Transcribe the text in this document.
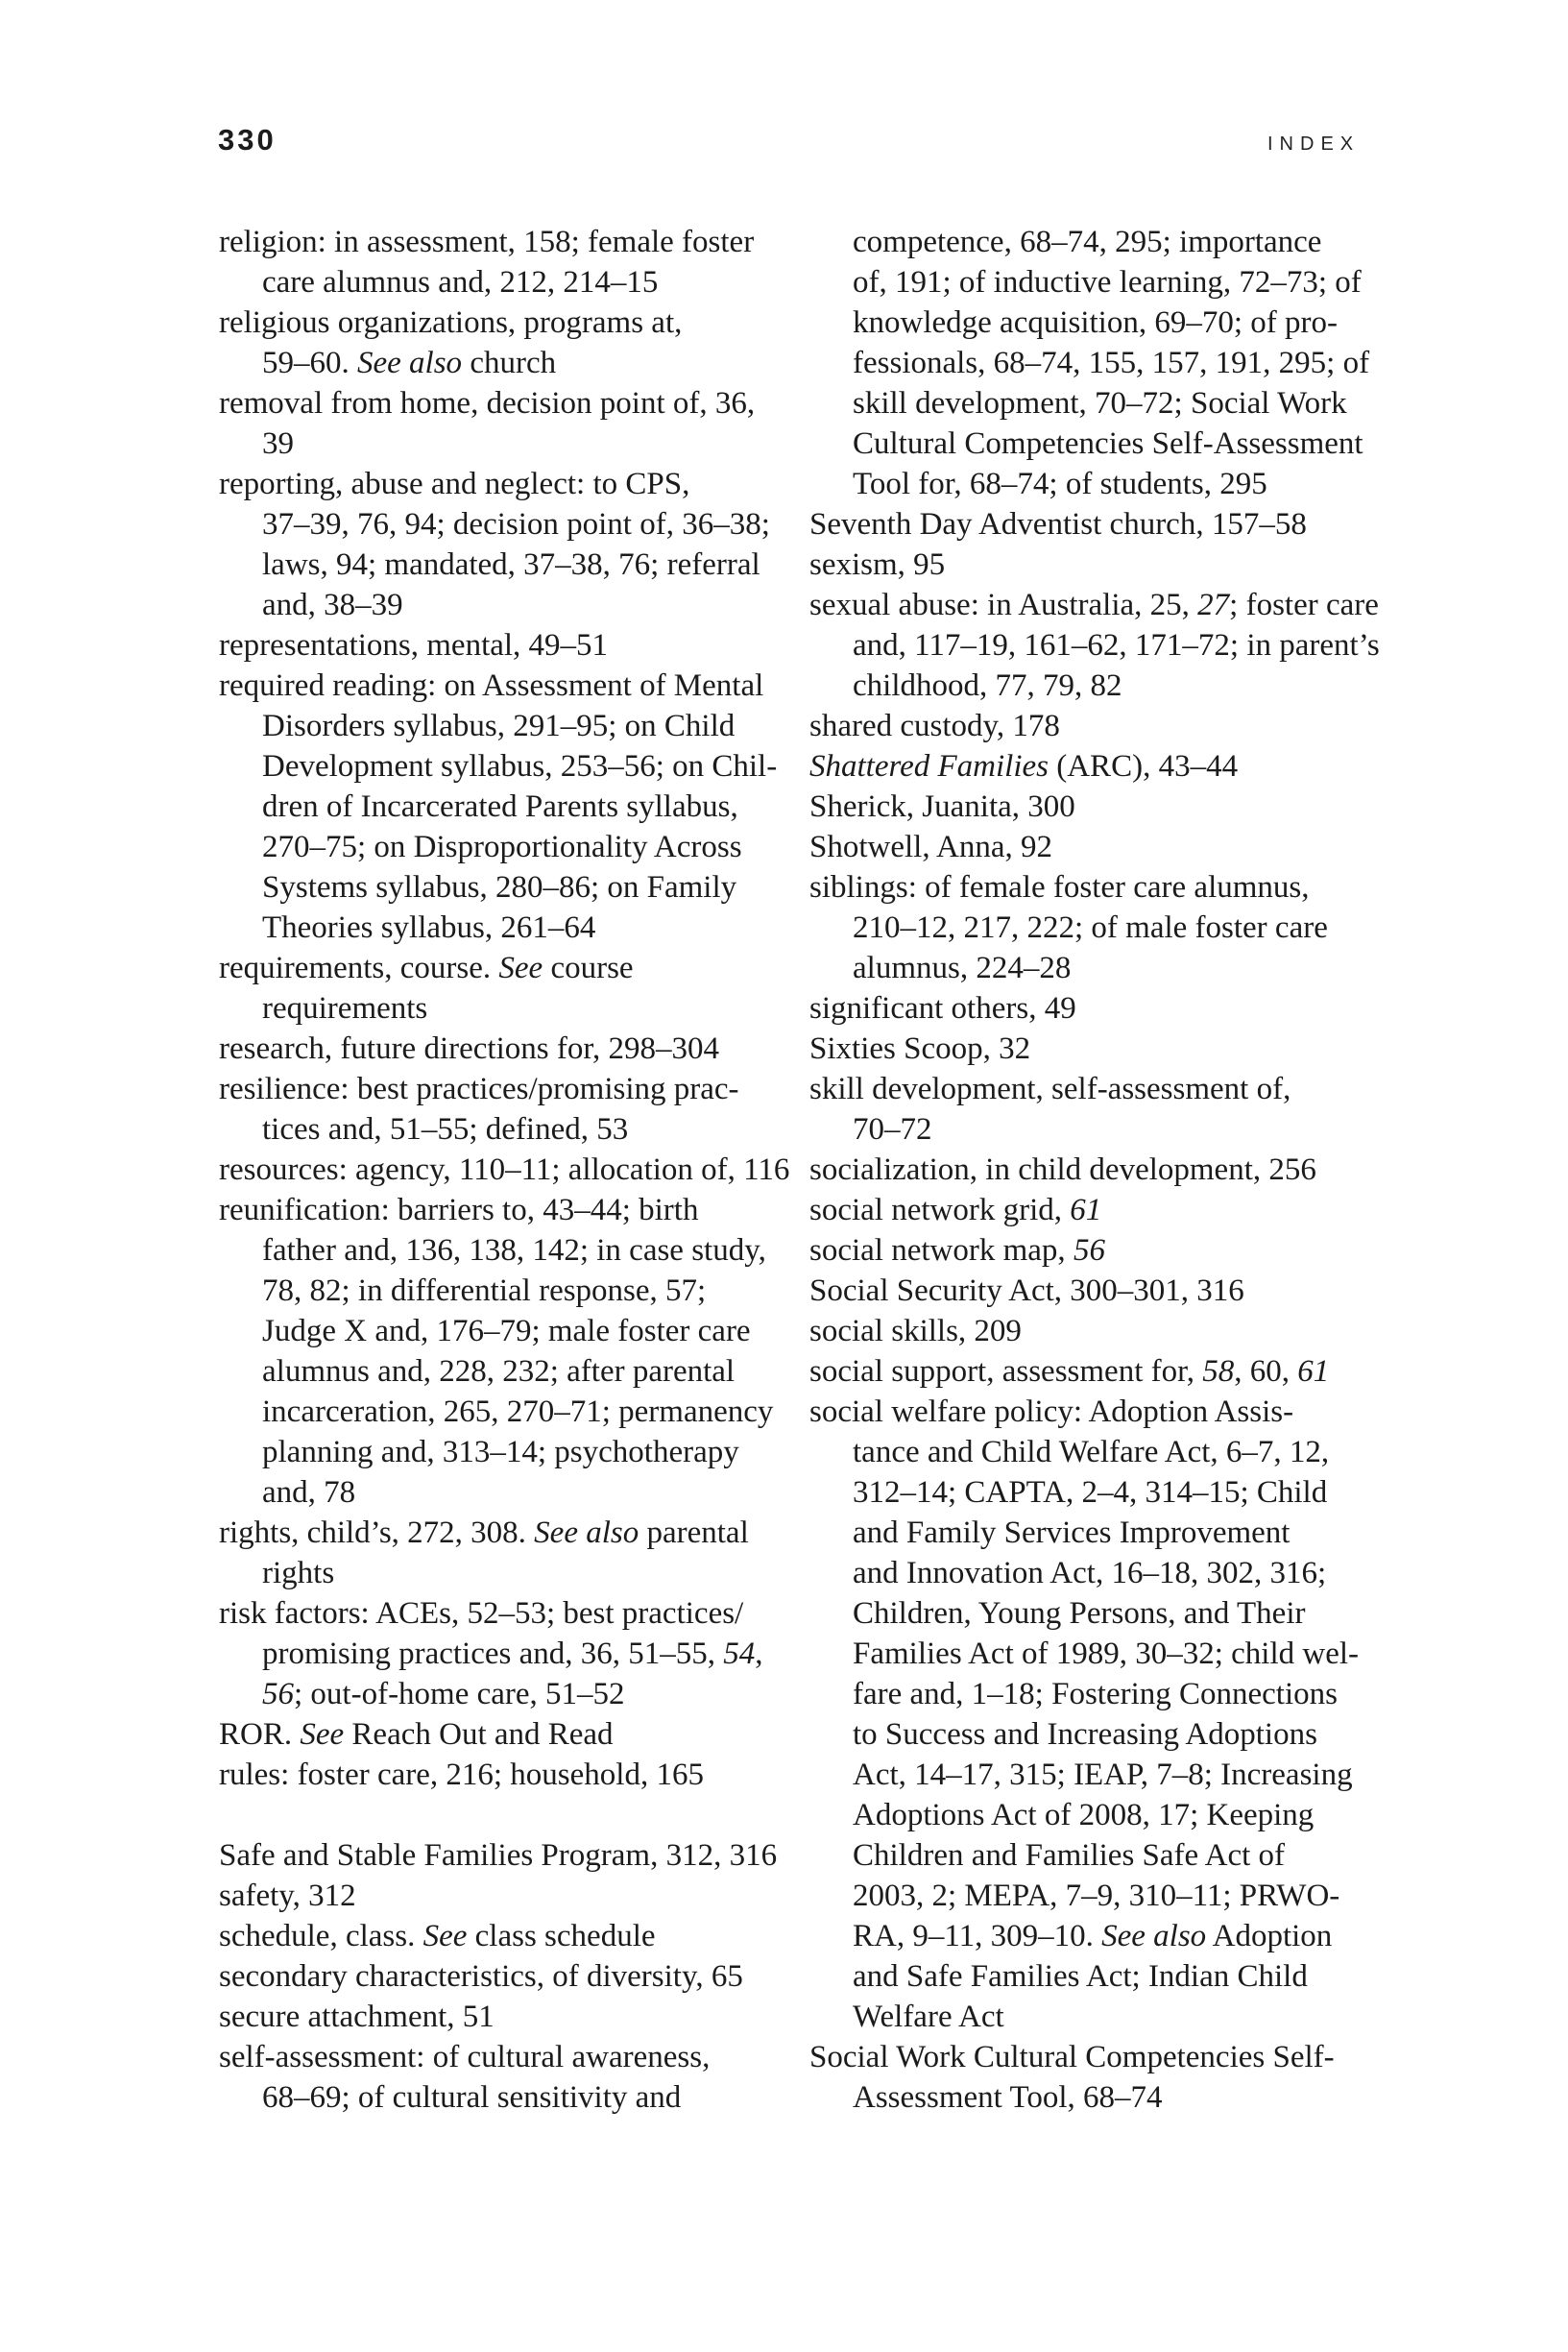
330	INDEX
religion: in assessment, 158; female foster
care alumnus and, 212, 214–15
religious organizations, programs at,
59–60. See also church
removal from home, decision point of, 36,
39
reporting, abuse and neglect: to CPS,
37–39, 76, 94; decision point of, 36–38;
laws, 94; mandated, 37–38, 76; referral
and, 38–39
representations, mental, 49–51
required reading: on Assessment of Mental
Disorders syllabus, 291–95; on Child
Development syllabus, 253–56; on Chil-
dren of Incarcerated Parents syllabus,
270–75; on Disproportionality Across
Systems syllabus, 280–86; on Family
Theories syllabus, 261–64
requirements, course. See course
requirements
research, future directions for, 298–304
resilience: best practices/promising prac-
tices and, 51–55; defined, 53
resources: agency, 110–11; allocation of, 116
reunification: barriers to, 43–44; birth
father and, 136, 138, 142; in case study,
78, 82; in differential response, 57;
Judge X and, 176–79; male foster care
alumnus and, 228, 232; after parental
incarceration, 265, 270–71; permanency
planning and, 313–14; psychotherapy
and, 78
rights, child’s, 272, 308. See also parental
rights
risk factors: ACEs, 52–53; best practices/
promising practices and, 36, 51–55, 54,
56; out-of-home care, 51–52
ROR. See Reach Out and Read
rules: foster care, 216; household, 165
Safe and Stable Families Program, 312, 316
safety, 312
schedule, class. See class schedule
secondary characteristics, of diversity, 65
secure attachment, 51
self-assessment: of cultural awareness,
68–69; of cultural sensitivity and
competence, 68–74, 295; importance
of, 191; of inductive learning, 72–73; of
knowledge acquisition, 69–70; of pro-
fessionals, 68–74, 155, 157, 191, 295; of
skill development, 70–72; Social Work
Cultural Competencies Self-Assessment
Tool for, 68–74; of students, 295
Seventh Day Adventist church, 157–58
sexism, 95
sexual abuse: in Australia, 25, 27; foster care
and, 117–19, 161–62, 171–72; in parent’s
childhood, 77, 79, 82
shared custody, 178
Shattered Families (ARC), 43–44
Sherick, Juanita, 300
Shotwell, Anna, 92
siblings: of female foster care alumnus,
210–12, 217, 222; of male foster care
alumnus, 224–28
significant others, 49
Sixties Scoop, 32
skill development, self-assessment of,
70–72
socialization, in child development, 256
social network grid, 61
social network map, 56
Social Security Act, 300–301, 316
social skills, 209
social support, assessment for, 58, 60, 61
social welfare policy: Adoption Assis-
tance and Child Welfare Act, 6–7, 12,
312–14; CAPTA, 2–4, 314–15; Child
and Family Services Improvement
and Innovation Act, 16–18, 302, 316;
Children, Young Persons, and Their
Families Act of 1989, 30–32; child wel-
fare and, 1–18; Fostering Connections
to Success and Increasing Adoptions
Act, 14–17, 315; IEAP, 7–8; Increasing
Adoptions Act of 2008, 17; Keeping
Children and Families Safe Act of
2003, 2; MEPA, 7–9, 310–11; PRWO-
RA, 9–11, 309–10. See also Adoption
and Safe Families Act; Indian Child
Welfare Act
Social Work Cultural Competencies Self-
Assessment Tool, 68–74
